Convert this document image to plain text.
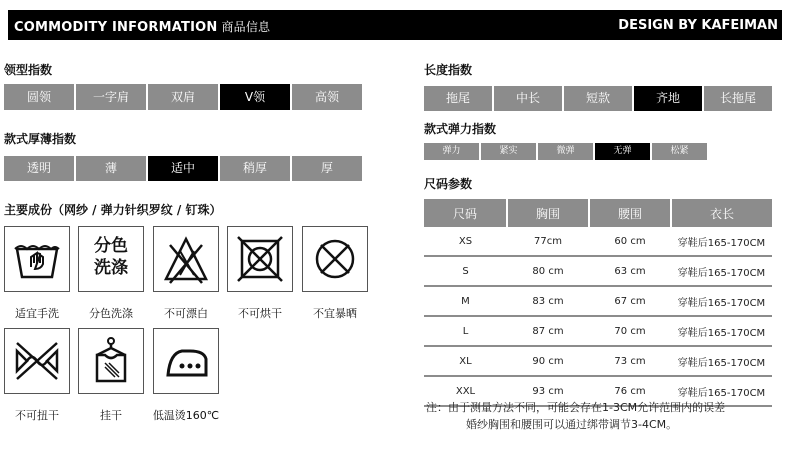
COMMODITY INFORMATION 商品信息	DESIGN BY KAFEIMAN
领型指数
圆领	一字肩	双肩	V领	高领
款式厚薄指数
透明	薄	适中	稍厚	厚
主要成份（网纱 / 弹力针织罗纹 / 钉珠）
分色
洗涤
适宜手洗	分色洗涤	不可漂白	不可烘干	不宜暴晒
不可扭干	挂干	低温烫160℃
长度指数
拖尾	中长	短款	齐地	长拖尾
款式弹力指数
弹力	紧实	微弹	无弹	松紧
尺码参数
尺码	胸围	腰围	衣长
XS	77cm	60 cm	穿鞋后165-170CM
S	80 cm	63 cm	穿鞋后165-170CM
M	83 cm	67 cm	穿鞋后165-170CM
L	87 cm	70 cm	穿鞋后165-170CM
XL	90 cm	73 cm	穿鞋后165-170CM
XXL	93 cm	76 cm	穿鞋后165-170CM
注：由于测量方法不同，可能会存在1-3CM允许范围内的误差
婚纱胸围和腰围可以通过绑带调节3-4CM。
